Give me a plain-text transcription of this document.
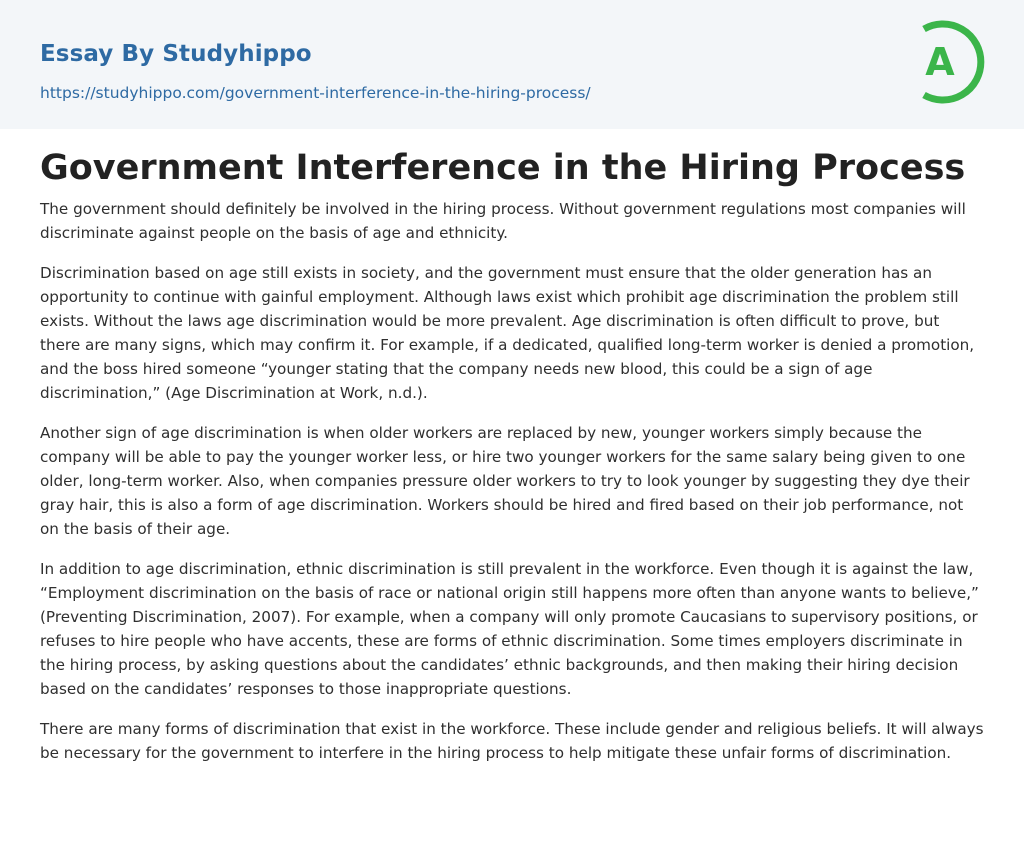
Essay By Studyhippo
https://studyhippo.com/government-interference-in-the-hiring-process/
A
Government Interference in the Hiring Process

The government should definitely be involved in the hiring process. Without government regulations most companies will discriminate against people on the basis of age and ethnicity.

Discrimination based on age still exists in society, and the government must ensure that the older generation has an opportunity to continue with gainful employment. Although laws exist which prohibit age discrimination the problem still exists. Without the laws age discrimination would be more prevalent. Age discrimination is often difficult to prove, but there are many signs, which may confirm it. For example, if a dedicated, qualified long-term worker is denied a promotion, and the boss hired someone “younger stating that the company needs new blood, this could be a sign of age discrimination,” (Age Discrimination at Work, n.d.).

Another sign of age discrimination is when older workers are replaced by new, younger workers simply because the company will be able to pay the younger worker less, or hire two younger workers for the same salary being given to one older, long-term worker. Also, when companies pressure older workers to try to look younger by suggesting they dye their gray hair, this is also a form of age discrimination. Workers should be hired and fired based on their job performance, not on the basis of their age.

In addition to age discrimination, ethnic discrimination is still prevalent in the workforce. Even though it is against the law, “Employment discrimination on the basis of race or national origin still happens more often than anyone wants to believe,” (Preventing Discrimination, 2007). For example, when a company will only promote Caucasians to supervisory positions, or refuses to hire people who have accents, these are forms of ethnic discrimination. Some times employers discriminate in the hiring process, by asking questions about the candidates’ ethnic backgrounds, and then making their hiring decision based on the candidates’ responses to those inappropriate questions.

There are many forms of discrimination that exist in the workforce. These include gender and religious beliefs. It will always be necessary for the government to interfere in the hiring process to help mitigate these unfair forms of discrimination.
